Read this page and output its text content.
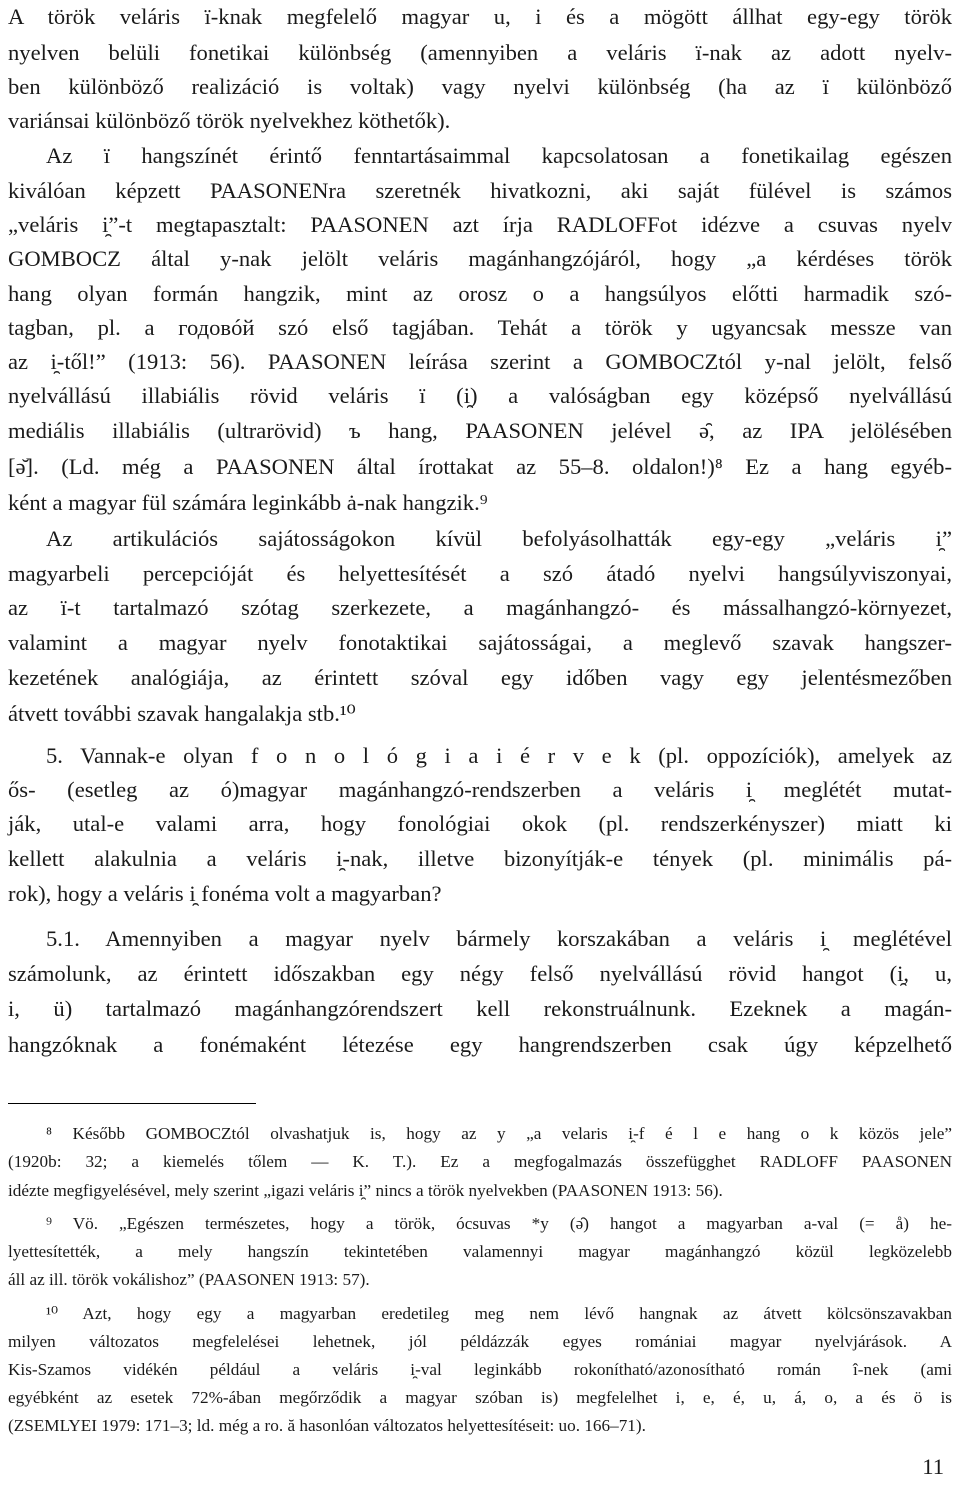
A török veláris ï-knak megfelelő magyar u, i és a mögött állhat egy-egy török
nyelven belüli fonetikai különbség (amennyiben a veláris ï-nak az adott nyelv-
ben különböző realizáció is voltak) vagy nyelvi különbség (ha az ï különböző
variánsai különböző török nyelvekhez köthetők).
Az ï hangszínét érintő fenntartásaimmal kapcsolatosan a fonetikailag egészen
kiválóan képzett PAASONENra szeretnék hivatkozni, aki saját fülével is számos
„veláris i̯”-t megtapasztalt: PAASONEN azt írja RADLOFFot idézve a csuvas nyelv
GOMBOCZ által y-nak jelölt veláris magánhangzójáról, hogy „a kérdéses török
hang olyan formán hangzik, mint az orosz o a hangsúlyos előtti harmadik szó-
tagban, pl. a годовóй szó első tagjában. Tehát a török y ugyancsak messze van
az i̯-től!” (1913: 56). PAASONEN leírása szerint a GOMBOCZtól y-nal jelölt, felső
nyelvállású illabiális rövid veláris ï (i̯) a valóságban egy középső nyelvállású
mediális illabiális (ultrarövid) ъ hang, PAASONEN jelével ə̑, az IPA jelölésében
[ə̆]. (Ld. még a PAASONEN által írottakat az 55–8. oldalon!)⁸ Ez a hang egyéb-
ként a magyar fül számára leginkább ȧ-nak hangzik.⁹
Az artikulációs sajátosságokon kívül befolyásolhatták egy-egy „veláris i̯”
magyarbeli percepcióját és helyettesítését a szó átadó nyelvi hangsúlyviszonyai,
az ï-t tartalmazó szótag szerkezete, a magánhangzó- és mássalhangzó-környezet,
valamint a magyar nyelv fonotaktikai sajátosságai, a meglevő szavak hangszer-
kezetének analógiája, az érintett szóval egy időben vagy egy jelentésmezőben
átvett további szavak hangalakja stb.¹⁰
5. Vannak-e olyan f o n o l ó g i a i é r v e k (pl. oppozíciók), amelyek az
ős- (esetleg az ó)magyar magánhangzó-rendszerben a veláris i̯ meglétét mutat-
ják, utal-e valami arra, hogy fonológiai okok (pl. rendszerkényszer) miatt ki
kellett alakulnia a veláris i̯-nak, illetve bizonyítják-e tények (pl. minimális pá-
rok), hogy a veláris i̯ fonéma volt a magyarban?
5.1. Amennyiben a magyar nyelv bármely korszakában a veláris i̯ meglétével
számolunk, az érintett időszakban egy négy felső nyelvállású rövid hangot (i̯, u,
i, ü) tartalmazó magánhangzórendszert kell rekonstruálnunk. Ezeknek a magán-
hangzóknak a fonémaként létezése egy hangrendszerben csak úgy képzelhető
⁸ Később GOMBOCZtól olvashatjuk is, hogy az y „a velaris i̯-f é l e hang o k közös jele”
(1920b: 32; a kiemelés tőlem — K. T.). Ez a megfogalmazás összefügghet RADLOFF PAASONEN
idézte megfigyelésével, mely szerint „igazi veláris i̯” nincs a török nyelvekben (PAASONEN 1913: 56).
⁹ Vö. „Egészen természetes, hogy a török, ócsuvas *y (ə̑) hangot a magyarban a-val (= å) he-
lyettesítették, a mely hangszín tekintetében valamennyi magyar magánhangzó közül legközelebb
áll az ill. török vokálishoz” (PAASONEN 1913: 57).
¹⁰ Azt, hogy egy a magyarban eredetileg meg nem lévő hangnak az átvett kölcsönszavakban
milyen változatos megfelelései lehetnek, jól példázzák egyes romániai magyar nyelvjárások. A
Kis-Szamos vidékén például a veláris i̯-val leginkább rokonítható/azonosítható román î-nek (ami
egyébként az esetek 72%-ában megőrződik a magyar szóban is) megfelelhet i, e, é, u, á, o, a és ö is
(ZSEMLYEI 1979: 171–3; ld. még a ro. ă hasonlóan változatos helyettesítéseit: uo. 166–71).
11
